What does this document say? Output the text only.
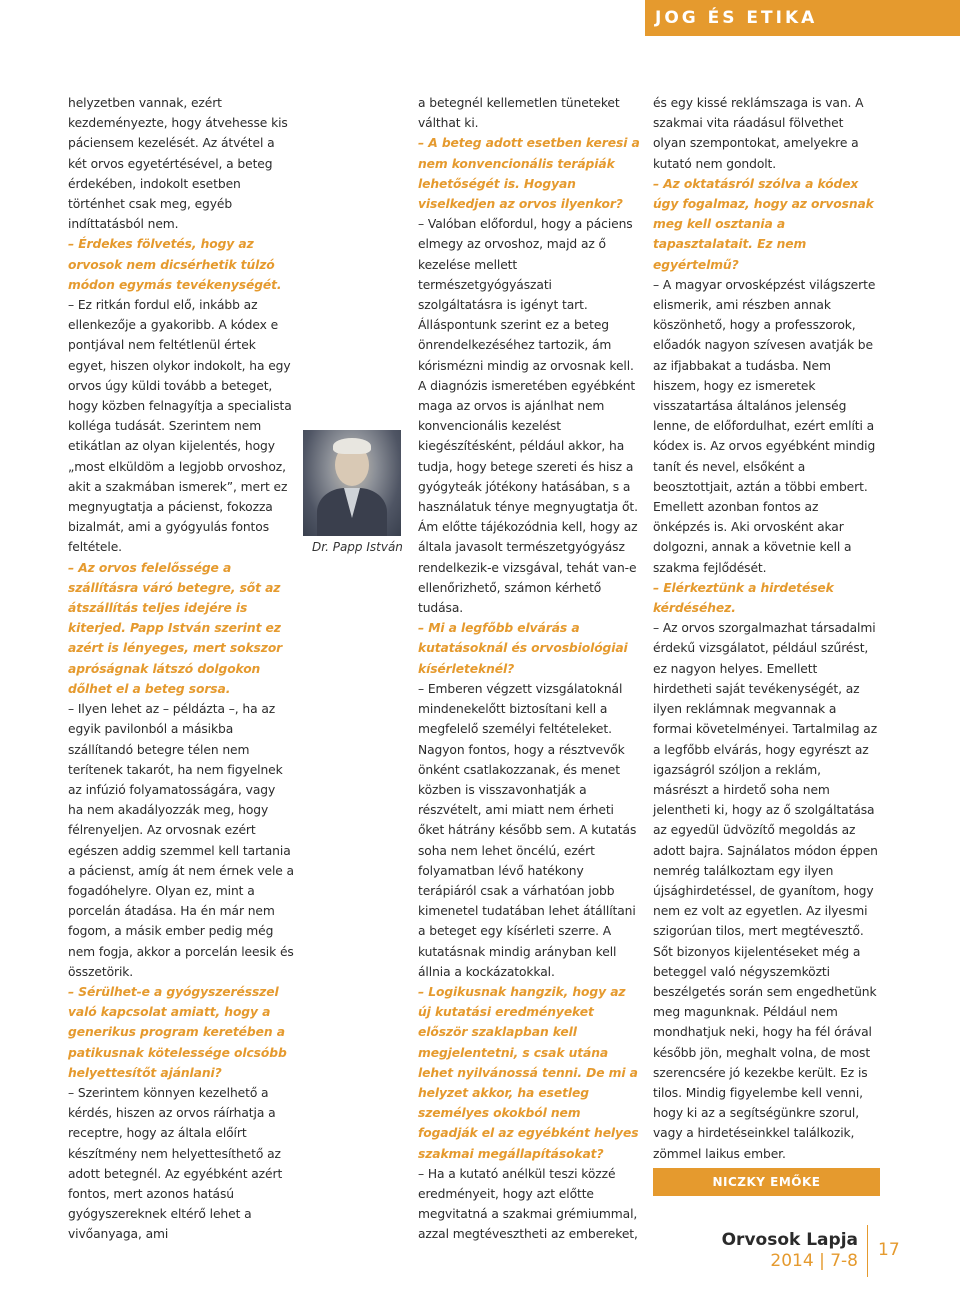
JOG ÉS ETIKA

helyzetben vannak, ezért kezdeményezte, hogy átvehesse kis páciensem kezelését. Az átvétel a két orvos egyetértésével, a beteg érdekében, indokolt esetben történhet csak meg, egyéb indíttatásból nem.

– Érdekes fölvetés, hogy az orvosok nem dicsérhetik túlzó módon egymás tevékenységét.

– Ez ritkán fordul elő, inkább az ellenkezője a gyakoribb. A kódex e pontjával nem feltétlenül értek egyet, hiszen olykor indokolt, ha egy orvos úgy küldi tovább a beteget, hogy közben felnagyítja a specialista kolléga tudását. Szerintem nem etikátlan az olyan kijelentés, hogy „most elküldöm a legjobb orvoshoz, akit a szakmában ismerek”, mert ez megnyugtatja a pácienst, fokozza bizalmát, ami a gyógyulás fontos feltétele.

– Az orvos felelőssége a szállításra váró betegre, sőt az átszállítás teljes idejére is kiterjed. Papp István szerint ez azért is lényeges, mert sokszor apróságnak látszó dolgokon dőlhet el a beteg sorsa.

– Ilyen lehet az – példázta –, ha az egyik pavilonból a másikba szállítandó betegre télen nem terítenek takarót, ha nem figyelnek az infúzió folyamatosságára, vagy ha nem akadályozzák meg, hogy félrenyeljen. Az orvosnak ezért egészen addig szemmel kell tartania a pácienst, amíg át nem érnek vele a fogadóhelyre. Olyan ez, mint a porcelán átadása. Ha én már nem fogom, a másik ember pedig még nem fogja, akkor a porcelán leesik és összetörik.

– Sérülhet-e a gyógyszerésszel való kapcsolat amiatt, hogy a generikus program keretében a patikusnak kötelessége olcsóbb helyettesítőt ajánlani?

– Szerintem könnyen kezelhető a kérdés, hiszen az orvos ráírhatja a receptre, hogy az általa előírt készítmény nem helyettesíthető az adott betegnél. Az egyébként azért fontos, mert azonos hatású gyógyszereknek eltérő lehet a vivőanyaga, ami

a betegnél kellemetlen tüneteket válthat ki.

– A beteg adott esetben keresi a nem konvencionális terápiák lehetőségét is. Hogyan viselkedjen az orvos ilyenkor?

– Valóban előfordul, hogy a páciens elmegy az orvoshoz, majd az ő kezelése mellett természetgyógyászati szolgáltatásra is igényt tart. Álláspontunk szerint ez a beteg önrendelkezéséhez tartozik, ám kórismézni mindig az orvosnak kell. A diagnózis ismeretében egyébként maga az orvos is ajánlhat nem konvencionális kezelést kiegészítésként, például akkor, ha tudja, hogy betege szereti és hisz a gyógyteák jótékony hatásában, s a használatuk ténye megnyugtatja őt. Ám előtte tájékozódnia kell, hogy az általa javasolt természetgyógyász rendelkezik-e vizsgával, tehát van-e ellenőrizhető, számon kérhető tudása.

– Mi a legfőbb elvárás a kutatásoknál és orvosbiológiai kísérleteknél?

– Emberen végzett vizsgálatoknál mindenekelőtt biztosítani kell a megfelelő személyi feltételeket. Nagyon fontos, hogy a résztvevők önként csatlakozzanak, és menet közben is visszavonhatják a részvételt, ami miatt nem érheti őket hátrány később sem. A kutatás soha nem lehet öncélú, ezért folyamatban lévő hatékony terápiáról csak a várhatóan jobb kimenetel tudatában lehet átállítani a beteget egy kísérleti szerre. A kutatásnak mindig arányban kell állnia a kockázatokkal.

– Logikusnak hangzik, hogy az új kutatási eredményeket először szaklapban kell megjelentetni, s csak utána lehet nyilvánossá tenni. De mi a helyzet akkor, ha esetleg személyes okokból nem fogadják el az egyébként helyes szakmai megállapításokat?

– Ha a kutató anélkül teszi közzé eredményeit, hogy azt előtte megvitatná a szakmai grémiummal, azzal megtévesztheti az embereket,

és egy kissé reklámszaga is van. A szakmai vita ráadásul fölvethet olyan szempontokat, amelyekre a kutató nem gondolt.

– Az oktatásról szólva a kódex úgy fogalmaz, hogy az orvosnak meg kell osztania a tapasztalatait. Ez nem egyértelmű?

– A magyar orvosképzést világszerte elismerik, ami részben annak köszönhető, hogy a professzorok, előadók nagyon szívesen avatják be az ifjabbakat a tudásba. Nem hiszem, hogy ez ismeretek visszatartása általános jelenség lenne, de előfordulhat, ezért említi a kódex is. Az orvos egyébként mindig tanít és nevel, elsőként a beosztottjait, aztán a többi embert. Emellett azonban fontos az önképzés is. Aki orvosként akar dolgozni, annak a követnie kell a szakma fejlődését.

– Elérkeztünk a hirdetések kérdéséhez.

– Az orvos szorgalmazhat társadalmi érdekű vizsgálatot, például szűrést, ez nagyon helyes. Emellett hirdetheti saját tevékenységét, az ilyen reklámnak megvannak a formai követelményei. Tartalmilag az a legfőbb elvárás, hogy egyrészt az igazságról szóljon a reklám, másrészt a hirdető soha nem jelentheti ki, hogy az ő szolgáltatása az egyedül üdvözítő megoldás az adott bajra. Sajnálatos módon éppen nemrég találkoztam egy ilyen újsághirdetéssel, de gyanítom, hogy nem ez volt az egyetlen. Az ilyesmi szigorúan tilos, mert megtévesztő. Sőt bizonyos kijelentéseket még a beteggel való négyszemközti beszélgetés során sem engedhetünk meg magunknak. Például nem mondhatjuk neki, hogy ha fél órával később jön, meghalt volna, de most szerencsére jó kezekbe került. Ez is tilos. Mindig figyelembe kell venni, hogy ki az a segítségünkre szorul, vagy a hirdetéseinkkel találkozik, zömmel laikus ember.

Dr. Papp István
NICZKY EMŐKE
Orvosok Lapja
2014 | 7-8
17
